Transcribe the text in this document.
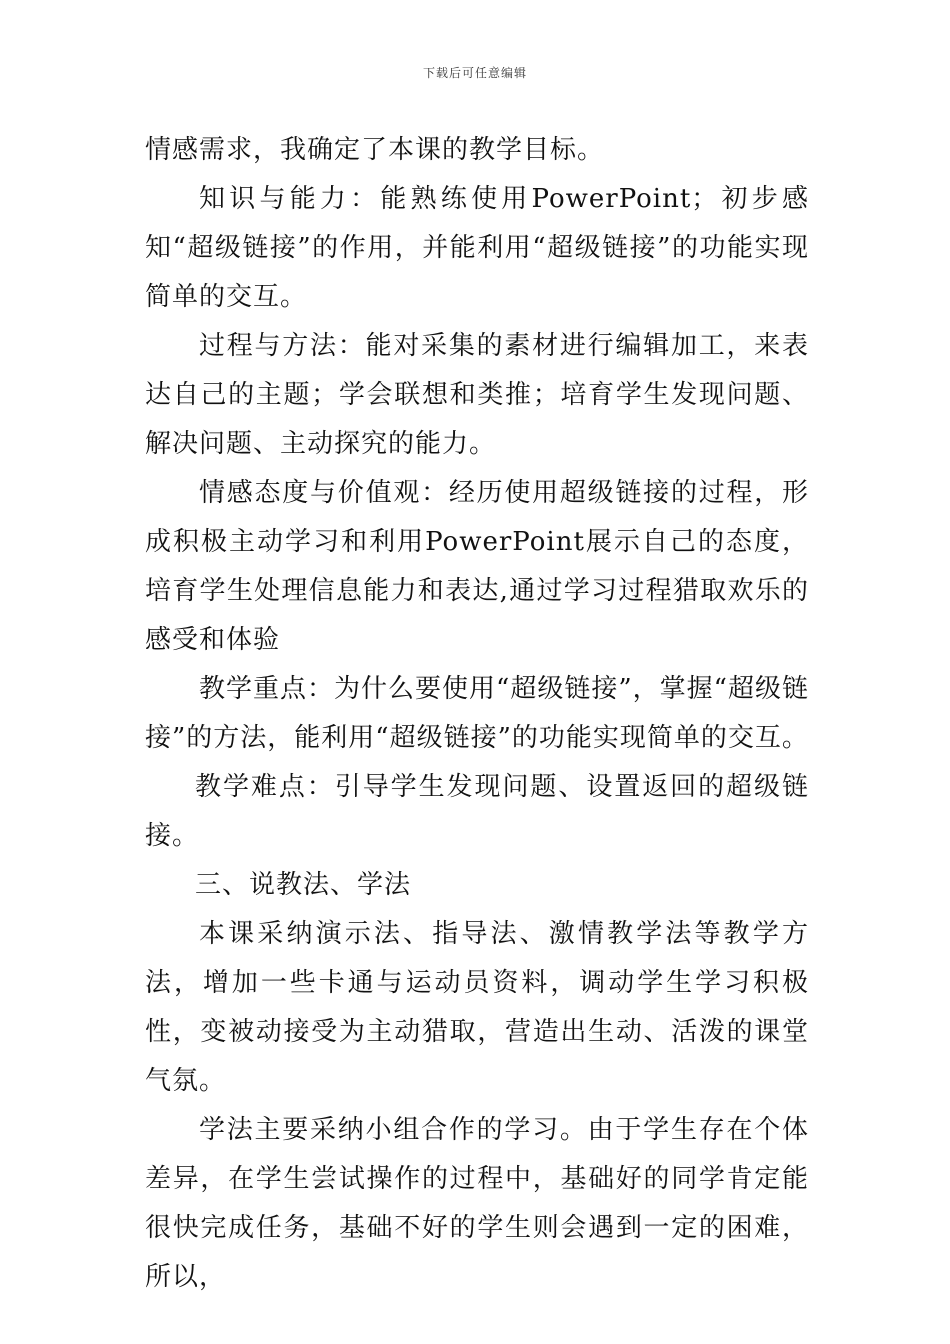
下载后可任意编辑

情感需求，我确定了本课的教学目标。

知识与能力：能熟练使用PowerPoint；初步感知“超级链接”的作用，并能利用“超级链接”的功能实现简单的交互。

过程与方法：能对采集的素材进行编辑加工，来表达自己的主题；学会联想和类推；培育学生发现问题、解决问题、主动探究的能力。

情感态度与价值观：经历使用超级链接的过程，形成积极主动学习和利用PowerPoint展示自己的态度，培育学生处理信息能力和表达,通过学习过程猎取欢乐的感受和体验

教学重点：为什么要使用“超级链接”，掌握“超级链接”的方法，能利用“超级链接”的功能实现简单的交互。

教学难点：引导学生发现问题、设置返回的超级链接。

三、说教法、学法

本课采纳演示法、指导法、激情教学法等教学方法，增加一些卡通与运动员资料，调动学生学习积极性，变被动接受为主动猎取，营造出生动、活泼的课堂气氛。

学法主要采纳小组合作的学习。由于学生存在个体差异，在学生尝试操作的过程中，基础好的同学肯定能很快完成任务，基础不好的学生则会遇到一定的困难，所以，
